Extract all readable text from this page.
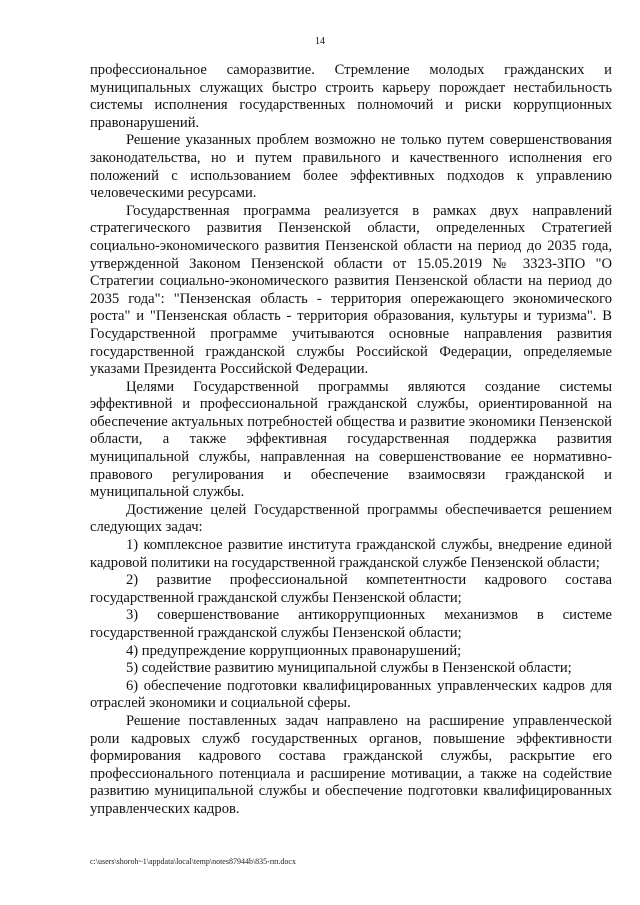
14

профессиональное саморазвитие. Стремление молодых гражданских и муниципальных служащих быстро строить карьеру порождает нестабильность системы исполнения государственных полномочий и риски коррупционных правонарушений.

Решение указанных проблем возможно не только путем совершенствования законодательства, но и путем правильного и качественного исполнения его положений с использованием более эффективных подходов к управлению человеческими ресурсами.

Государственная программа реализуется в рамках двух направлений стратегического развития Пензенской области, определенных Стратегией социально-экономического развития Пензенской области на период до 2035 года, утвержденной Законом Пензенской области от 15.05.2019 № 3323-ЗПО "О Стратегии социально-экономического развития Пензенской области на период до 2035 года": "Пензенская область - территория опережающего экономического роста" и "Пензенская область - территория образования, культуры и туризма". В Государственной программе учитываются основные направления развития государственной гражданской службы Российской Федерации, определяемые указами Президента Российской Федерации.

Целями Государственной программы являются создание системы эффективной и профессиональной гражданской службы, ориентированной на обеспечение актуальных потребностей общества и развитие экономики Пензенской области, а также эффективная государственная поддержка развития муниципальной службы, направленная на совершенствование ее нормативно-правового регулирования и обеспечение взаимосвязи гражданской и муниципальной службы.

Достижение целей Государственной программы обеспечивается решением следующих задач:

1) комплексное развитие института гражданской службы, внедрение единой кадровой политики на государственной гражданской службе Пензенской области;

2) развитие профессиональной компетентности кадрового состава государственной гражданской службы Пензенской области;

3) совершенствование антикоррупционных механизмов в системе государственной гражданской службы Пензенской области;

4) предупреждение коррупционных правонарушений;

5) содействие развитию муниципальной службы в Пензенской области;

6) обеспечение подготовки квалифицированных управленческих кадров для отраслей экономики и социальной сферы.

Решение поставленных задач направлено на расширение управленческой роли кадровых служб государственных органов, повышение эффективности формирования кадрового состава гражданской службы, раскрытие его профессионального потенциала и расширение мотивации, а также на содействие развитию муниципальной службы и обеспечение подготовки квалифицированных управленческих кадров.

c:\users\shoroh~1\appdata\local\temp\notes87944b\835-пп.docx
